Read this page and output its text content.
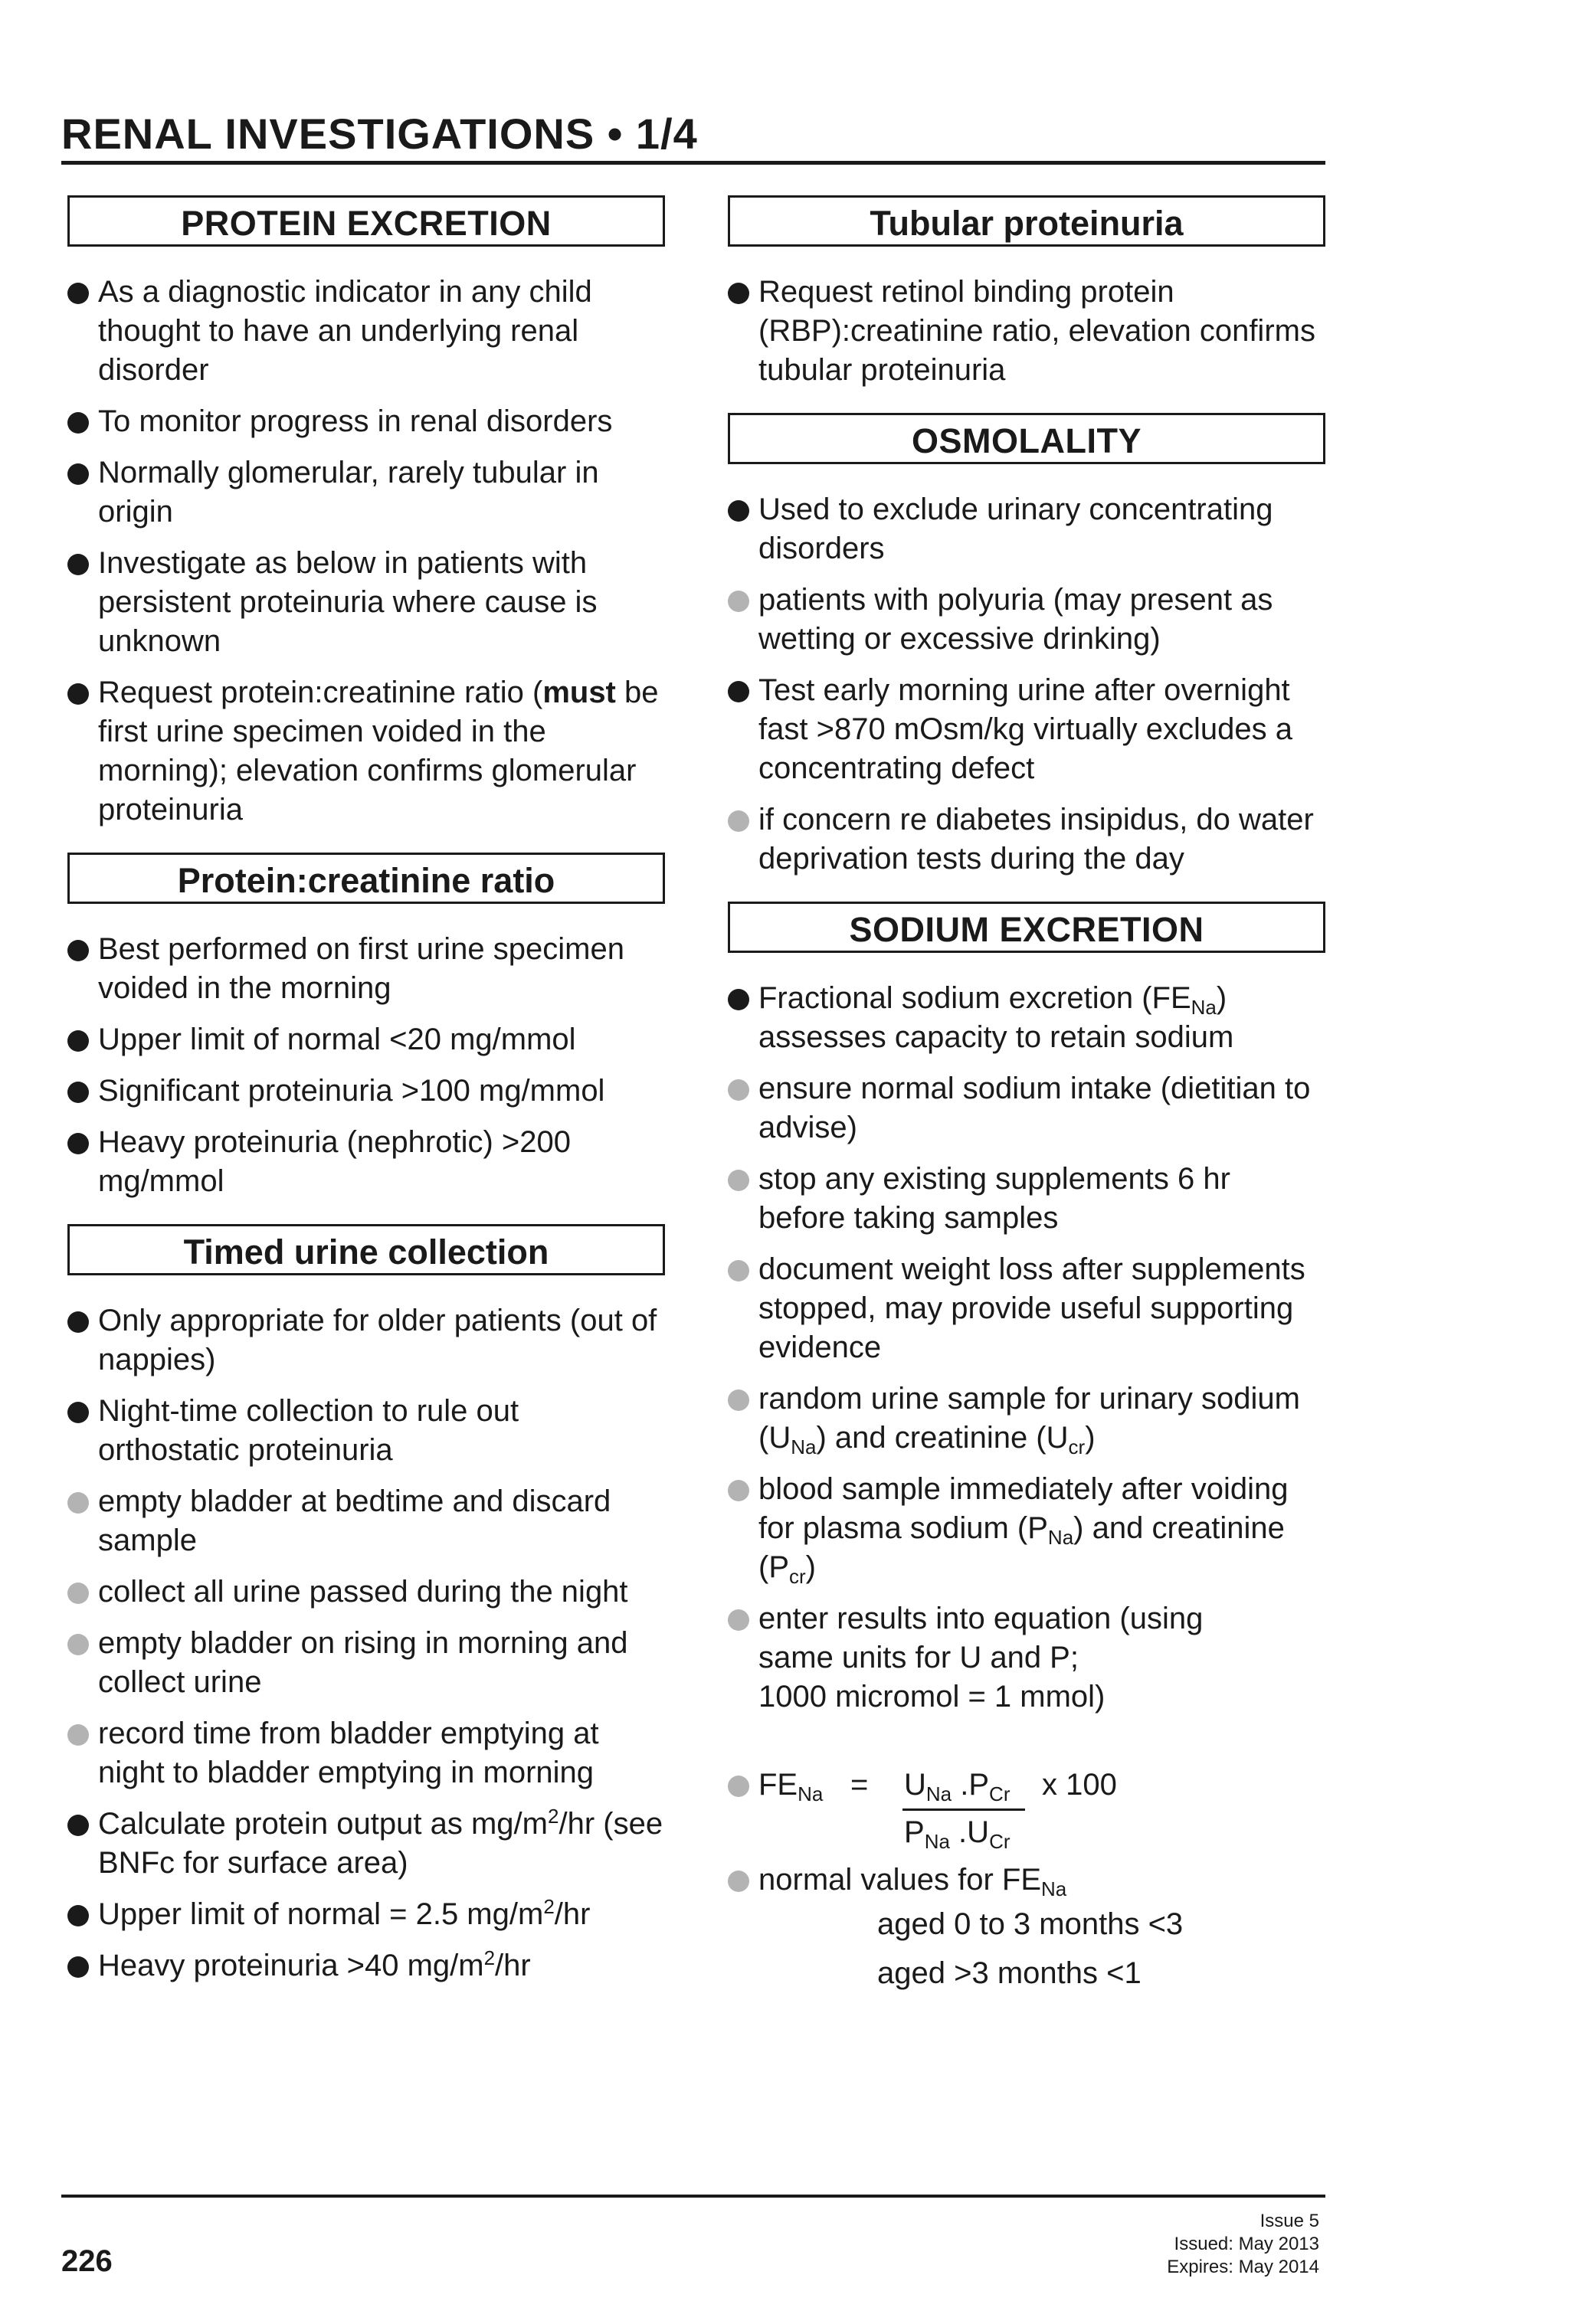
RENAL INVESTIGATIONS • 1/4
PROTEIN EXCRETION
As a diagnostic indicator in any child thought to have an underlying renal disorder
To monitor progress in renal disorders
Normally glomerular, rarely tubular in origin
Investigate as below in patients with persistent proteinuria where cause is unknown
Request protein:creatinine ratio (must be first urine specimen voided in the morning); elevation confirms glomerular proteinuria
Protein:creatinine ratio
Best performed on first urine specimen voided in the morning
Upper limit of normal <20 mg/mmol
Significant proteinuria >100 mg/mmol
Heavy proteinuria (nephrotic) >200 mg/mmol
Timed urine collection
Only appropriate for older patients (out of nappies)
Night-time collection to rule out orthostatic proteinuria
empty bladder at bedtime and discard sample
collect all urine passed during the night
empty bladder on rising in morning and collect urine
record time from bladder emptying at night to bladder emptying in morning
Calculate protein output as $mg/m^2/hr$ (see BNFc for surface area)
Upper limit of normal = 2.5 $mg/m^2/hr$
Heavy proteinuria >40 $mg/m^2/hr$
Tubular proteinuria
Request retinol binding protein (RBP):creatinine ratio, elevation confirms tubular proteinuria
OSMOLALITY
Used to exclude urinary concentrating disorders
patients with polyuria (may present as wetting or excessive drinking)
Test early morning urine after overnight fast >870 mOsm/kg virtually excludes a concentrating defect
if concern re diabetes insipidus, do water deprivation tests during the day
SODIUM EXCRETION
Fractional sodium excretion $(FE_{Na})$ assesses capacity to retain sodium
ensure normal sodium intake (dietitian to advise)
stop any existing supplements 6 hr before taking samples
document weight loss after supplements stopped, may provide useful supporting evidence
random urine sample for urinary sodium $(U_{Na})$ and creatinine $(U_{cr})$
blood sample immediately after voiding for plasma sodium $(P_{Na})$ and creatinine $(P_{cr})$
enter results into equation (using
same units for U and P;
1000 micromol = 1 mmol)
$FE_{Na} = U_{Na}$ $.P_{Cr}$
$P_{Na}$ $.U_{Cr}$
x 100
normal values for $FE_{Na}$
aged 0 to 3 months <3
aged >3 months <1
226
Issue 5
Issued: May 2013
Expires: May 2014
